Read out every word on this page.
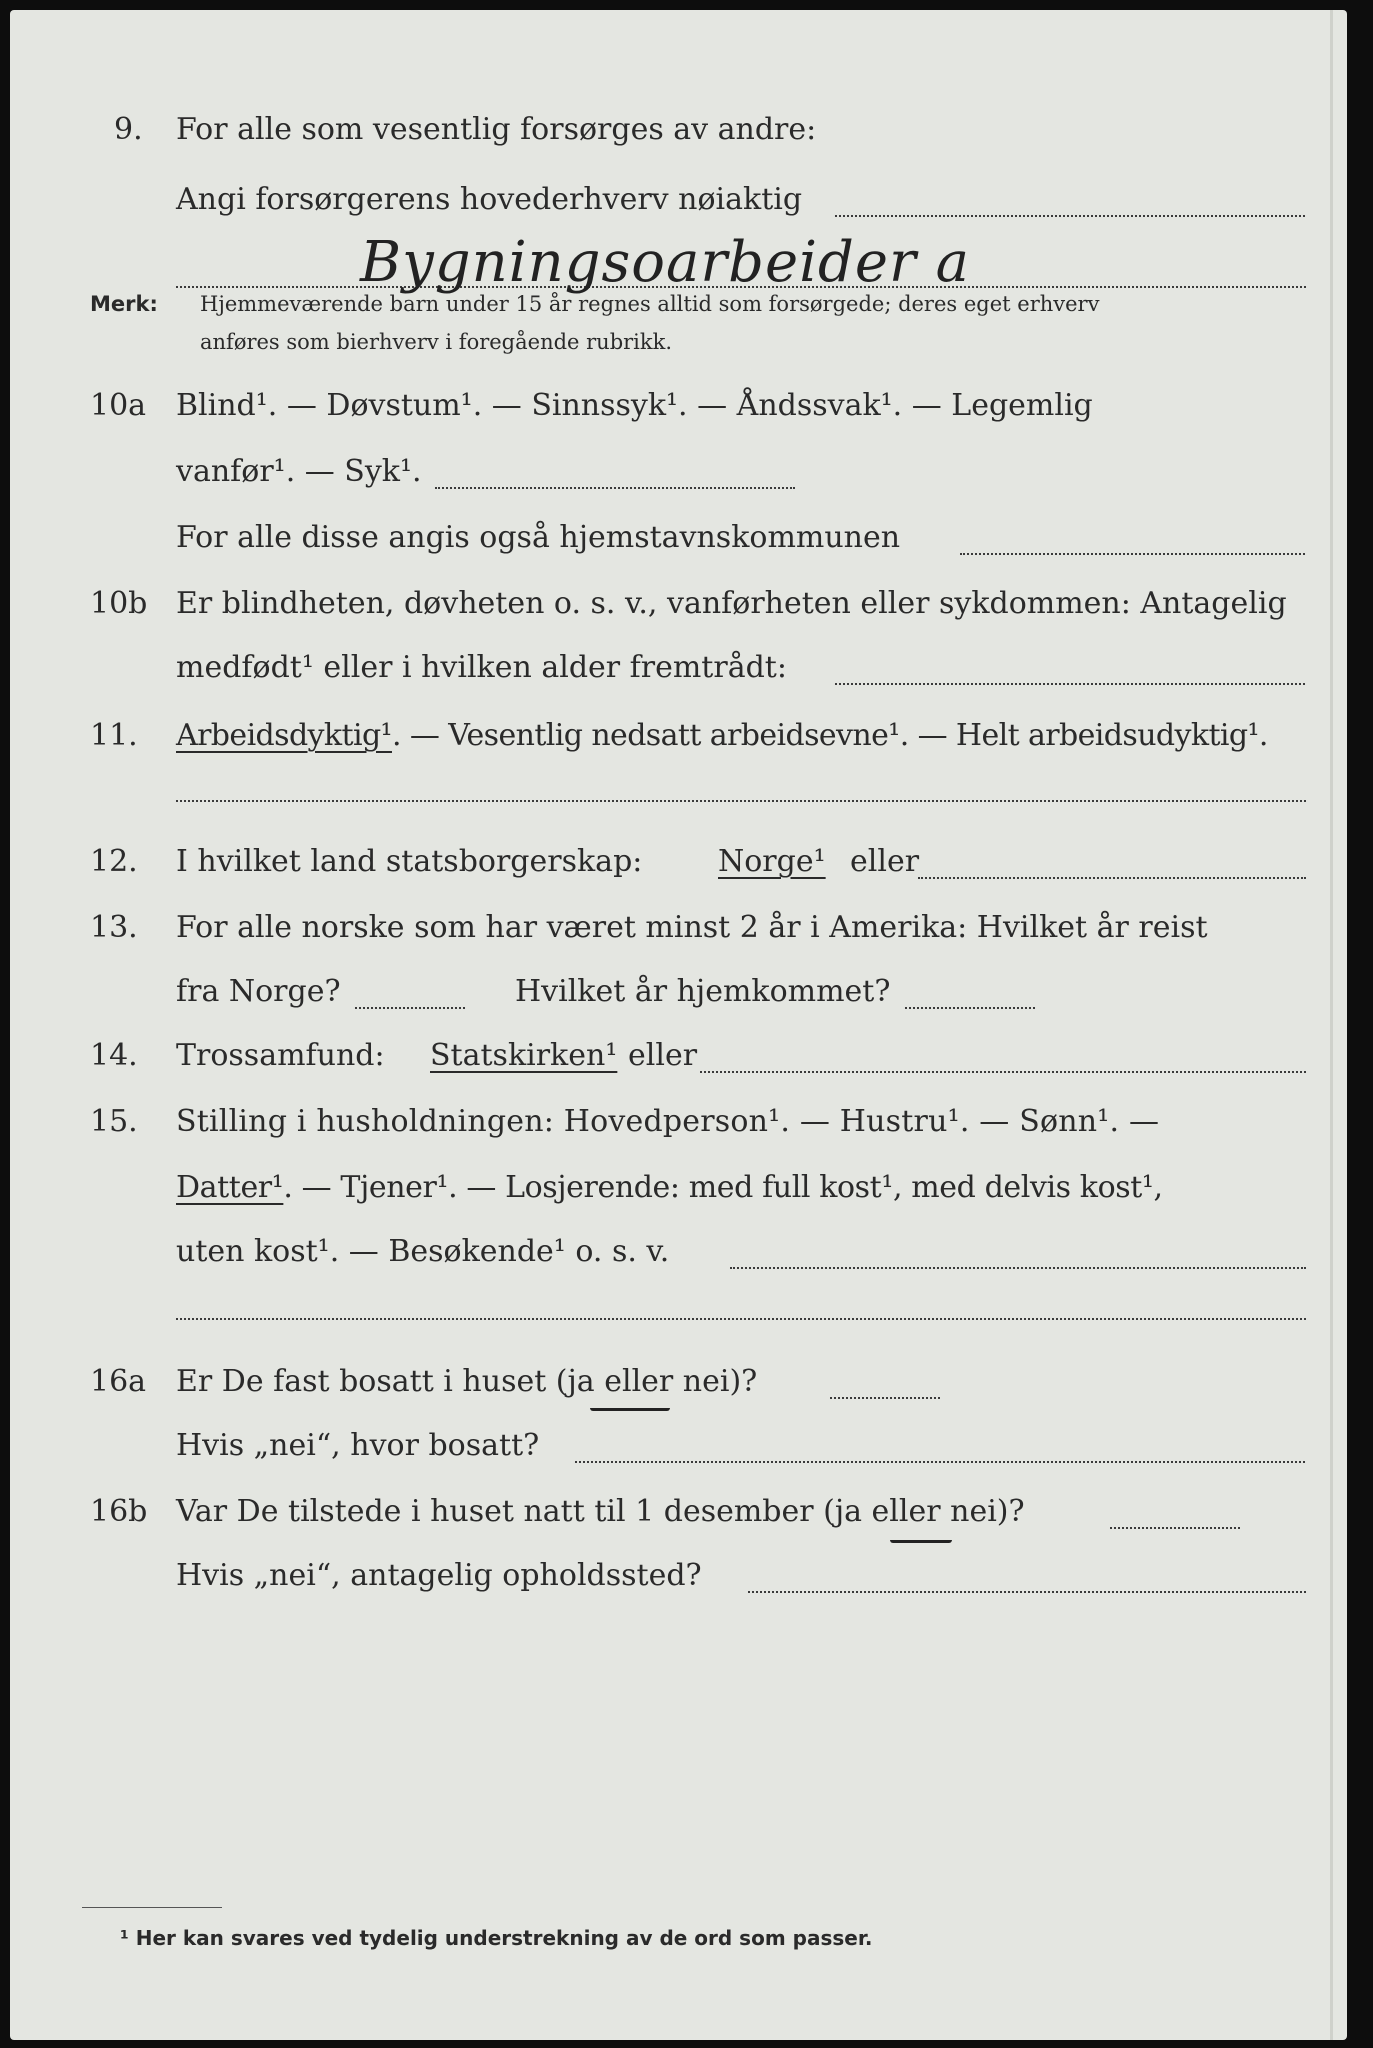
9.	For alle som vesentlig forsørges av andre:
Angi forsørgerens hovederhverv nøiaktig
Bygningsoarbeider a
Merk: Hjemmeværende barn under 15 år regnes alltid som forsørgede; deres eget erhverv
anføres som bierhverv i foregående rubrikk.
10a Blind¹. — Døvstum¹. — Sinnssyk¹. — Åndssvak¹. — Legemlig
vanfør¹. — Syk¹.
For alle disse angis også hjemstavnskommunen
10b Er blindheten, døvheten o. s. v., vanførheten eller sykdommen: Antagelig
medfødt¹ eller i hvilken alder fremtrådt:
11.	Arbeidsdyktig¹. — Vesentlig nedsatt arbeidsevne¹. — Helt arbeidsudyktig¹.
12.	I hvilket land statsborgerskap:	Norge¹ eller
13.	For alle norske som har været minst 2 år i Amerika: Hvilket år reist
fra Norge?	Hvilket år hjemkommet?
14.	Trossamfund: Statskirken¹ eller
15.	Stilling i husholdningen: Hovedperson¹. — Hustru¹. — Sønn¹. —
Datter¹. — Tjener¹. — Losjerende: med full kost¹, med delvis kost¹,
uten kost¹. — Besøkende¹ o. s. v.
16a Er De fast bosatt i huset (ja eller nei)?
Hvis „nei“, hvor bosatt?
16b Var De tilstede i huset natt til 1 desember (ja eller nei)?
Hvis „nei“, antagelig opholdssted?
¹ Her kan svares ved tydelig understrekning av de ord som passer.
